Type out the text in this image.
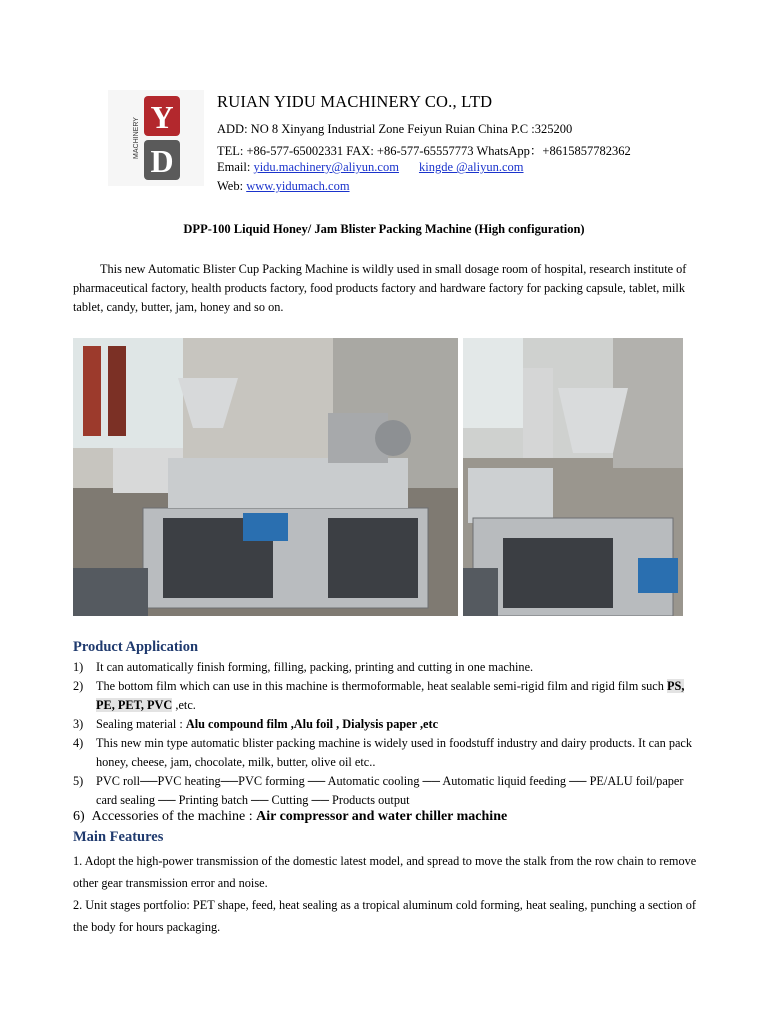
Y
D
MACHINERY
RUIAN YIDU MACHINERY CO., LTD
ADD: NO 8 Xinyang Industrial Zone Feiyun Ruian China P.C :325200
TEL: +86-577-65002331 FAX: +86-577-65557773 WhatsApp：+8615857782362
Email: yidu.machinery@aliyun.com kingde @aliyun.com
Web: www.yidumach.com
DPP-100 Liquid Honey/ Jam Blister Packing Machine (High configuration)

This new Automatic Blister Cup Packing Machine is wildly used in small dosage room of hospital, research institute of pharmaceutical factory, health products factory, food products factory and hardware factory for packing capsule, tablet, milk tablet, candy, butter, jam, honey and so on.

Product Application
1) It can automatically finish forming, filling, packing, printing and cutting in one machine.
2) The bottom film which can use in this machine is thermoformable, heat sealable semi-rigid film and rigid film such PS, PE, PET, PVC ,etc.
3) Sealing material : Alu compound film ,Alu foil , Dialysis paper ,etc
4) This new min type automatic blister packing machine is widely used in foodstuff industry and dairy products. It can pack honey, cheese, jam, chocolate, milk, butter, olive oil etc..
5) PVC roll──PVC heating──PVC forming ── Automatic cooling ── Automatic liquid feeding ── PE/ALU foil/paper card sealing ── Printing batch ── Cutting ── Products output
6) Accessories of the machine : Air compressor and water chiller machine
Main Features

1. Adopt the high-power transmission of the domestic latest model, and spread to move the stalk from the row chain to remove other gear transmission error and noise.

2. Unit stages portfolio: PET shape, feed, heat sealing as a tropical aluminum cold forming, heat sealing, punching a section of the body for hours packaging.
